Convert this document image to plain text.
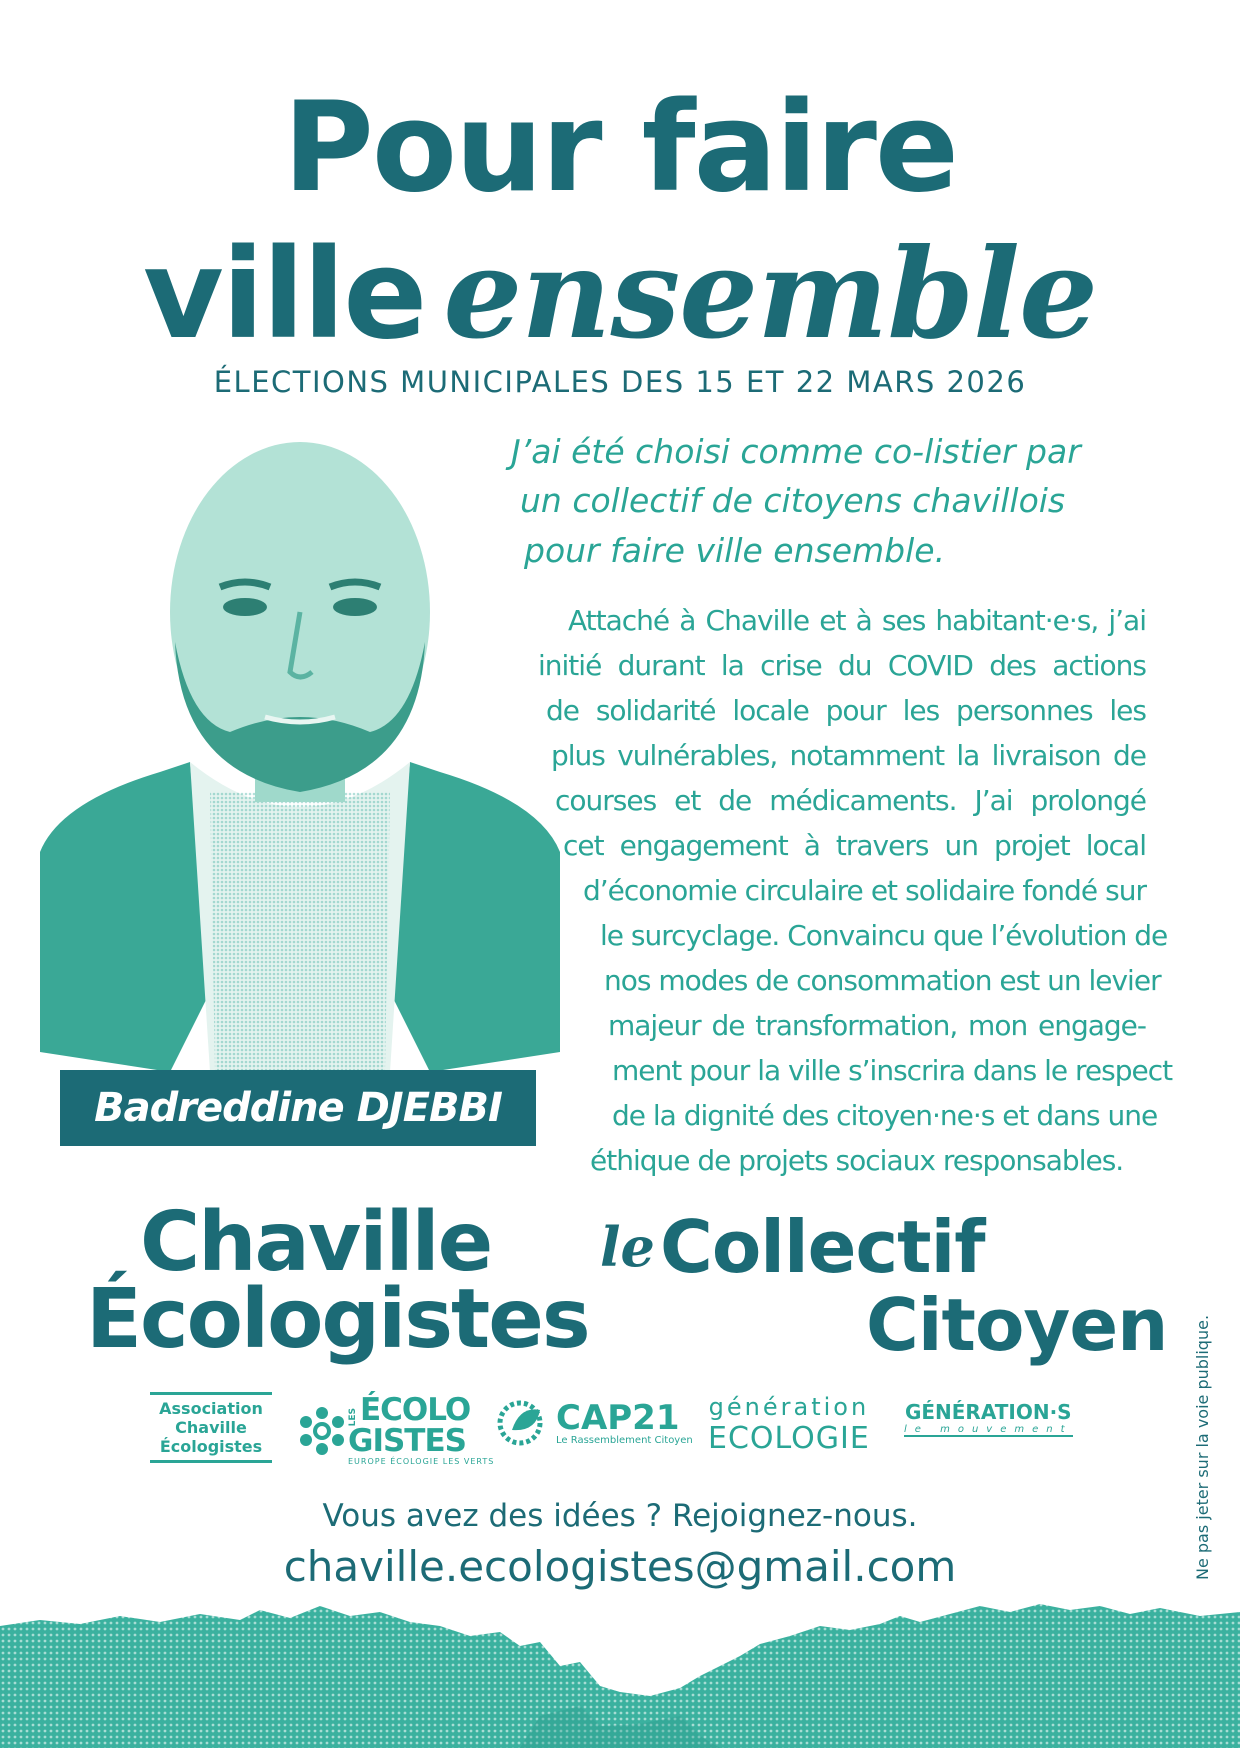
Pour faire
ville ensemble
ÉLECTIONS MUNICIPALES DES 15 ET 22 MARS 2026
Badreddine DJEBBI
J’ai été choisi comme co-listier par
un collectif de citoyens chavillois
pour faire ville ensemble.
Attaché à Chaville et à ses habitant·e·s, j’ai
initié durant la crise du COVID des actions
de solidarité locale pour les personnes les
plus vulnérables, notamment la livraison de
courses et de médicaments. J’ai prolongé
cet engagement à travers un projet local
d’économie circulaire et solidaire fondé sur
le surcyclage. Convaincu que l’évolution de
nos modes de consommation est un levier
majeur de transformation, mon engage-
ment pour la ville s’inscrira dans le respect
de la dignité des citoyen·ne·s et dans une
éthique de projets sociaux responsables.
Chaville
Écologistes
le Collectif
Citoyen
Association
Chaville
Écologistes
LES ÉCOLO
GISTES
EUROPE ÉCOLOGIE LES VERTS
CAP21
Le Rassemblement Citoyen
génération
ECOLOGIE
GÉNÉRATION·S
le mouvement
Vous avez des idées ? Rejoignez-nous.
chaville.ecologistes@gmail.com	Ne pas jeter sur la voie publique.
